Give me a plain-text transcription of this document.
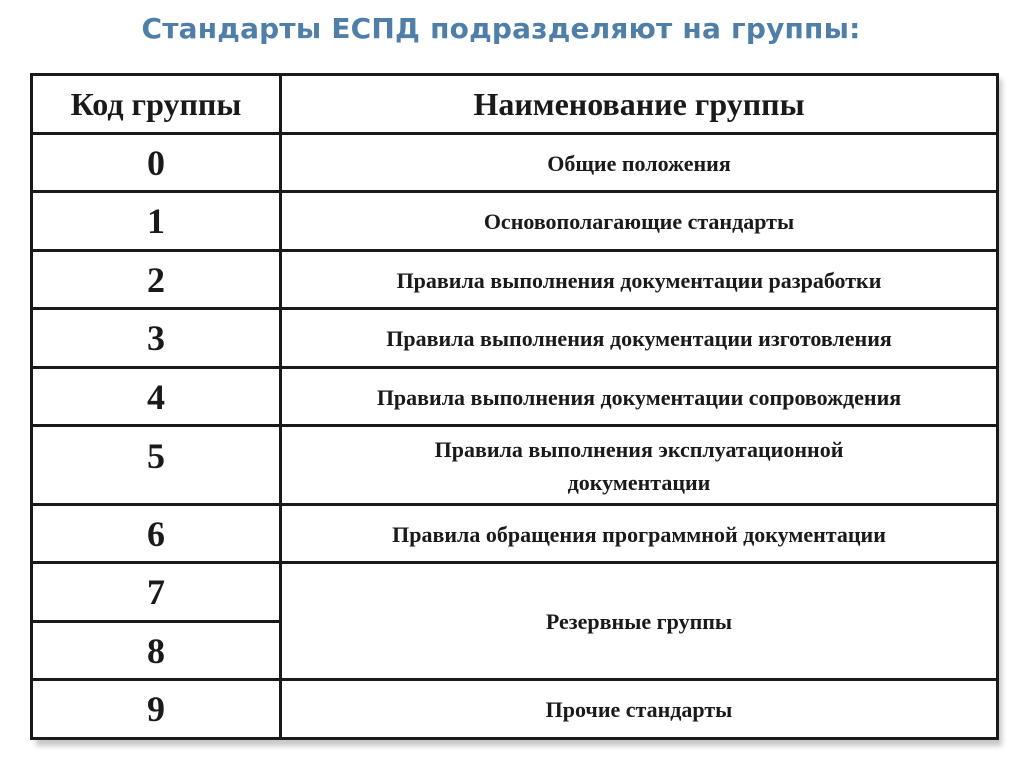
Стандарты ЕСПД подразделяют на группы:
Код группы	Наименование группы
0	Общие положения
1	Основополагающие стандарты
2	Правила выполнения документации разработки
3	Правила выполнения документации изготовления
4	Правила выполнения документации сопровождения
5	Правила выполнения эксплуатационной документации
6	Правила обращения программной документации
7	Резервные группы
8	
9	Прочие стандарты
